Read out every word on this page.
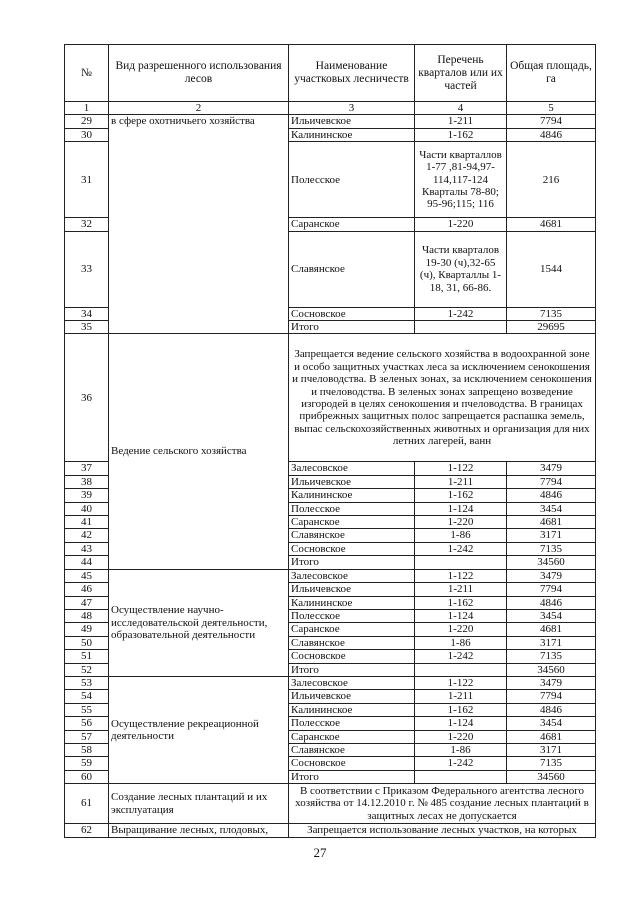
№	Вид разрешенного использования лесов	Наименование участковых лесничеств	Перечень кварталов или их частей	Общая площадь, га
1	2	3	4	5
29	в сфере охотничьего хозяйства	Ильичевское	1-211	7794
30		Калининское	1-162	4846
31		Полесское	Части кварталлов 1-77 ,81-94,97-114,117-124 Кварталы 78-80; 95-96;115; 116	216
32		Саранское	1-220	4681
33		Славянское	Части кварталов 19-30 (ч),32-65 (ч), Кварталлы 1-18, 31, 66-86.	1544
34		Сосновское	1-242	7135
35		Итого		29695
36	Ведение сельского хозяйства	Запрещается ведение сельского хозяйства в водоохранной зоне и особо защитных участках леса за исключением сенокошения и пчеловодства. В зеленых зонах, за исключением сенокошения и пчеловодства. В зеленых зонах запрещено возведение изгородей в целях сенокошения и пчеловодства. В границах прибрежных защитных полос запрещается распашка земель, выпас сельскохозяйственных животных и организация для них летних лагерей, ванн		
37		Залесовское	1-122	3479
38		Ильичевское	1-211	7794
39		Калининское	1-162	4846
40		Полесское	1-124	3454
41		Саранское	1-220	4681
42		Славянское	1-86	3171
43		Сосновское	1-242	7135
44		Итого		34560
45	Осуществление научно-исследовательской деятельности, образовательной деятельности	Залесовское	1-122	3479
46		Ильичевское	1-211	7794
47		Калининское	1-162	4846
48		Полесское	1-124	3454
49		Саранское	1-220	4681
50		Славянское	1-86	3171
51		Сосновское	1-242	7135
52		Итого		34560
53	Осуществление рекреационной деятельности	Залесовское	1-122	3479
54		Ильичевское	1-211	7794
55		Калининское	1-162	4846
56		Полесское	1-124	3454
57		Саранское	1-220	4681
58		Славянское	1-86	3171
59		Сосновское	1-242	7135
60		Итого		34560
61	Создание лесных плантаций и их эксплуатация	В соответствии с Приказом Федерального агентства лесного хозяйства от 14.12.2010 г. № 485 создание лесных плантаций в защитных лесах не допускается		
62	Выращивание лесных, плодовых,	Запрещается использование лесных участков, на которых		
27
